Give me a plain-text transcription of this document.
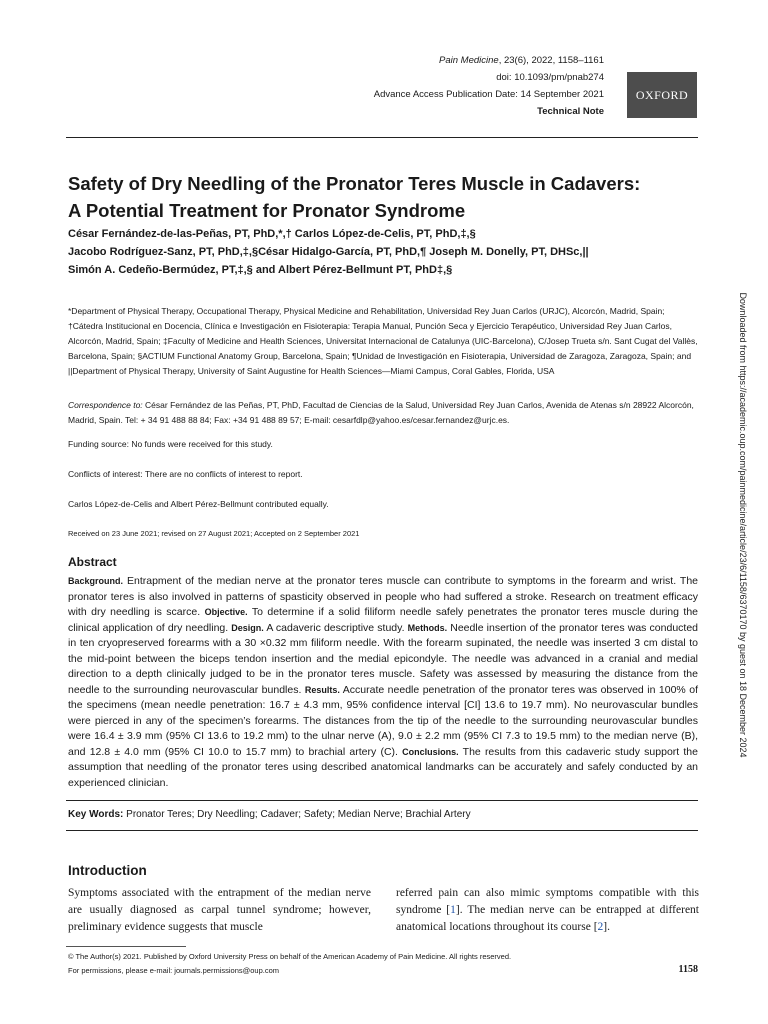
Pain Medicine, 23(6), 2022, 1158–1161
doi: 10.1093/pm/pnab274
Advance Access Publication Date: 14 September 2021
Technical Note
OXFORD
Safety of Dry Needling of the Pronator Teres Muscle in Cadavers:
A Potential Treatment for Pronator Syndrome
César Fernández-de-las-Peñas, PT, PhD,*,† Carlos López-de-Celis, PT, PhD,‡,§
Jacobo Rodríguez-Sanz, PT, PhD,‡,§César Hidalgo-García, PT, PhD,¶ Joseph M. Donelly, PT, DHSc,||
Simón A. Cedeño-Bermúdez, PT,‡,§ and Albert Pérez-Bellmunt PT, PhD‡,§
*Department of Physical Therapy, Occupational Therapy, Physical Medicine and Rehabilitation, Universidad Rey Juan Carlos (URJC), Alcorcón, Madrid, Spain; †Cátedra Institucional en Docencia, Clínica e Investigación en Fisioterapia: Terapia Manual, Punción Seca y Ejercicio Terapéutico, Universidad Rey Juan Carlos, Alcorcón, Madrid, Spain; ‡Faculty of Medicine and Health Sciences, Universitat Internacional de Catalunya (UIC-Barcelona), C/Josep Trueta s/n. Sant Cugat del Vallès, Barcelona, Spain; §ACTIUM Functional Anatomy Group, Barcelona, Spain; ¶Unidad de Investigación en Fisioterapia, Universidad de Zaragoza, Zaragoza, Spain; and ||Department of Physical Therapy, University of Saint Augustine for Health Sciences—Miami Campus, Coral Gables, Florida, USA
Correspondence to: César Fernández de las Peñas, PT, PhD, Facultad de Ciencias de la Salud, Universidad Rey Juan Carlos, Avenida de Atenas s/n 28922 Alcorcón, Madrid, Spain. Tel: + 34 91 488 88 84; Fax: +34 91 488 89 57; E-mail: cesarfdlp@yahoo.es/cesar.fernandez@urjc.es.
Funding source: No funds were received for this study.
Conflicts of interest: There are no conflicts of interest to report.
Carlos López-de-Celis and Albert Pérez-Bellmunt contributed equally.
Received on 23 June 2021; revised on 27 August 2021; Accepted on 2 September 2021
Abstract
Background. Entrapment of the median nerve at the pronator teres muscle can contribute to symptoms in the forearm and wrist. The pronator teres is also involved in patterns of spasticity observed in people who had suffered a stroke. Research on treatment efficacy with dry needling is scarce. Objective. To determine if a solid filiform needle safely penetrates the pronator teres muscle during the clinical application of dry needling. Design. A cadaveric descriptive study. Methods. Needle insertion of the pronator teres was conducted in ten cryopreserved forearms with a 30 ×0.32 mm filiform needle. With the forearm supinated, the needle was inserted 3 cm distal to the mid-point between the biceps tendon insertion and the medial epicondyle. The needle was advanced in a cranial and medial direction to a depth clinically judged to be in the pronator teres muscle. Safety was assessed by measuring the distance from the needle to the surrounding neurovascular bundles. Results. Accurate needle penetration of the pronator teres was observed in 100% of the specimens (mean needle penetration: 16.7 ± 4.3 mm, 95% confidence interval [CI] 13.6 to 19.7 mm). No neurovascular bundles were pierced in any of the specimen’s forearms. The distances from the tip of the needle to the surrounding neurovascular bundles were 16.4 ± 3.9 mm (95% CI 13.6 to 19.2 mm) to the ulnar nerve (A), 9.0 ± 2.2 mm (95% CI 7.3 to 19.5 mm) to the median nerve (B), and 12.8 ± 4.0 mm (95% CI 10.0 to 15.7 mm) to brachial artery (C). Conclusions. The results from this cadaveric study support the assumption that needling of the pronator teres using described anatomical landmarks can be accurately and safely conducted by an experienced clinician.
Key Words: Pronator Teres; Dry Needling; Cadaver; Safety; Median Nerve; Brachial Artery
Introduction
Symptoms associated with the entrapment of the median nerve are usually diagnosed as carpal tunnel syndrome; however, preliminary evidence suggests that muscle
referred pain can also mimic symptoms compatible with this syndrome [1]. The median nerve can be entrapped at different anatomical locations throughout its course [2].
© The Author(s) 2021. Published by Oxford University Press on behalf of the American Academy of Pain Medicine. All rights reserved.
For permissions, please e-mail: journals.permissions@oup.com	1158
Downloaded from https://academic.oup.com/painmedicine/article/23/6/1158/6370170 by guest on 18 December 2024
